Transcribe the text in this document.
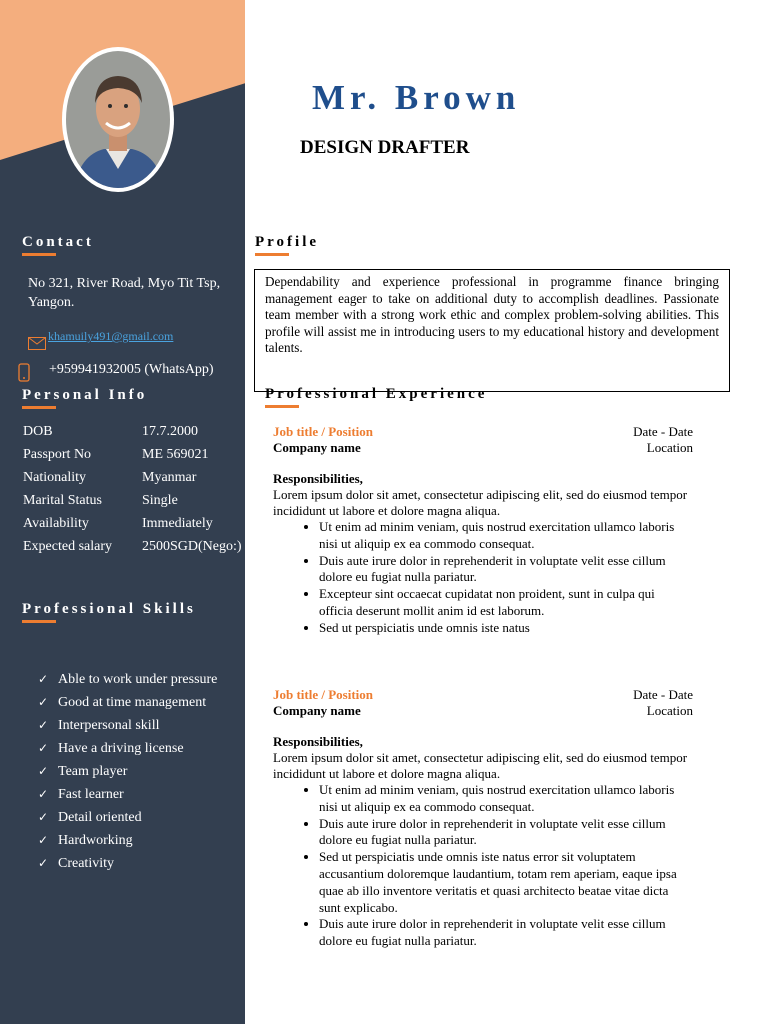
Mr. Brown
DESIGN DRAFTER
Contact
No 321, River Road, Myo Tit Tsp, Yangon.
khamuily491@gmail.com
+959941932005 (WhatsApp)
Personal Info
DOB	17.7.2000
Passport No	ME 569021
Nationality	Myanmar
Marital Status	Single
Availability	Immediately
Expected salary 2500SGD(Nego:)
Professional Skills
✓ Able to work under pressure
✓ Good at time management
✓ Interpersonal skill
✓ Have a driving license
✓ Team player
✓ Fast learner
✓ Detail oriented
✓ Hardworking
✓ Creativity
Profile
Dependability and experience professional in programme finance bringing management eager to take on additional duty to accomplish deadlines. Passionate team member with a strong work ethic and complex problem-solving abilities. This profile will assist me in introducing users to my educational history and development talents.
Professional Experience
Job title / Position	Date - Date
Company name	Location
Responsibilities,
Lorem ipsum dolor sit amet, consectetur adipiscing elit, sed do eiusmod tempor incididunt ut labore et dolore magna aliqua.
• Ut enim ad minim veniam, quis nostrud exercitation ullamco laboris nisi ut aliquip ex ea commodo consequat.
• Duis aute irure dolor in reprehenderit in voluptate velit esse cillum dolore eu fugiat nulla pariatur.
• Excepteur sint occaecat cupidatat non proident, sunt in culpa qui officia deserunt mollit anim id est laborum.
• Sed ut perspiciatis unde omnis iste natus
Job title / Position	Date - Date
Company name	Location
Responsibilities,
Lorem ipsum dolor sit amet, consectetur adipiscing elit, sed do eiusmod tempor incididunt ut labore et dolore magna aliqua.
• Ut enim ad minim veniam, quis nostrud exercitation ullamco laboris nisi ut aliquip ex ea commodo consequat.
• Duis aute irure dolor in reprehenderit in voluptate velit esse cillum dolore eu fugiat nulla pariatur.
• Sed ut perspiciatis unde omnis iste natus error sit voluptatem accusantium doloremque laudantium, totam rem aperiam, eaque ipsa quae ab illo inventore veritatis et quasi architecto beatae vitae dicta sunt explicabo.
• Duis aute irure dolor in reprehenderit in voluptate velit esse cillum dolore eu fugiat nulla pariatur.
